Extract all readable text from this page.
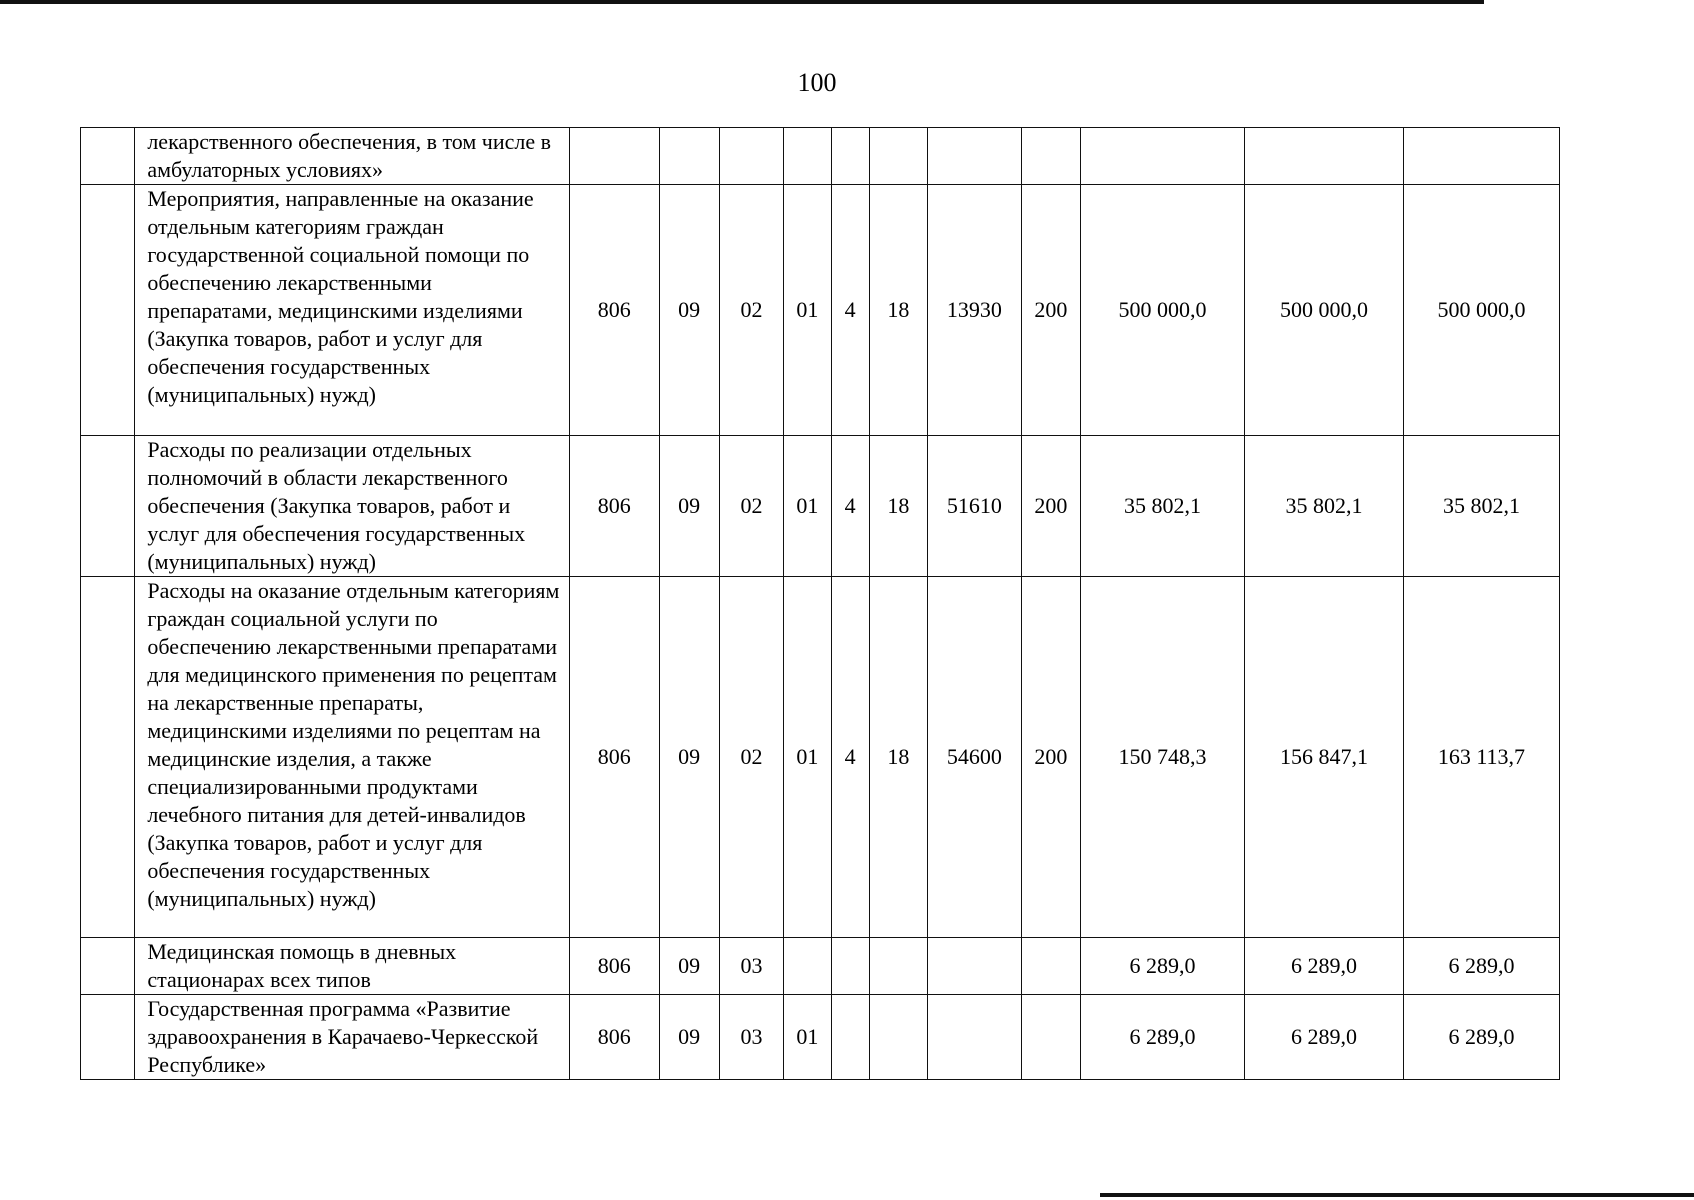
100
	лекарственного обеспечения, в том числе в амбулаторных условиях»											
	Мероприятия, направленные на оказание отдельным категориям граждан государственной социальной помощи по обеспечению лекарственными препаратами, медицинскими изделиями (Закупка товаров, работ и услуг для обеспечения государственных (муниципальных) нужд)	806	09	02	01	4	18	13930	200	500 000,0	500 000,0	500 000,0
	Расходы по реализации отдельных полномочий в области лекарственного обеспечения (Закупка товаров, работ и услуг для обеспечения государственных (муниципальных) нужд)	806	09	02	01	4	18	51610	200	35 802,1	35 802,1	35 802,1
	Расходы на оказание отдельным категориям граждан социальной услуги по обеспечению лекарственными препаратами для медицинского применения по рецептам на лекарственные препараты, медицинскими изделиями по рецептам на медицинские изделия, а также специализированными продуктами лечебного питания для детей-инвалидов (Закупка товаров, работ и услуг для обеспечения государственных (муниципальных) нужд)	806	09	02	01	4	18	54600	200	150 748,3	156 847,1	163 113,7
	Медицинская помощь в дневных стационарах всех типов	806	09	03						6 289,0	6 289,0	6 289,0
	Государственная программа «Развитие здравоохранения в Карачаево-Черкесской Республике»	806	09	03	01					6 289,0	6 289,0	6 289,0
